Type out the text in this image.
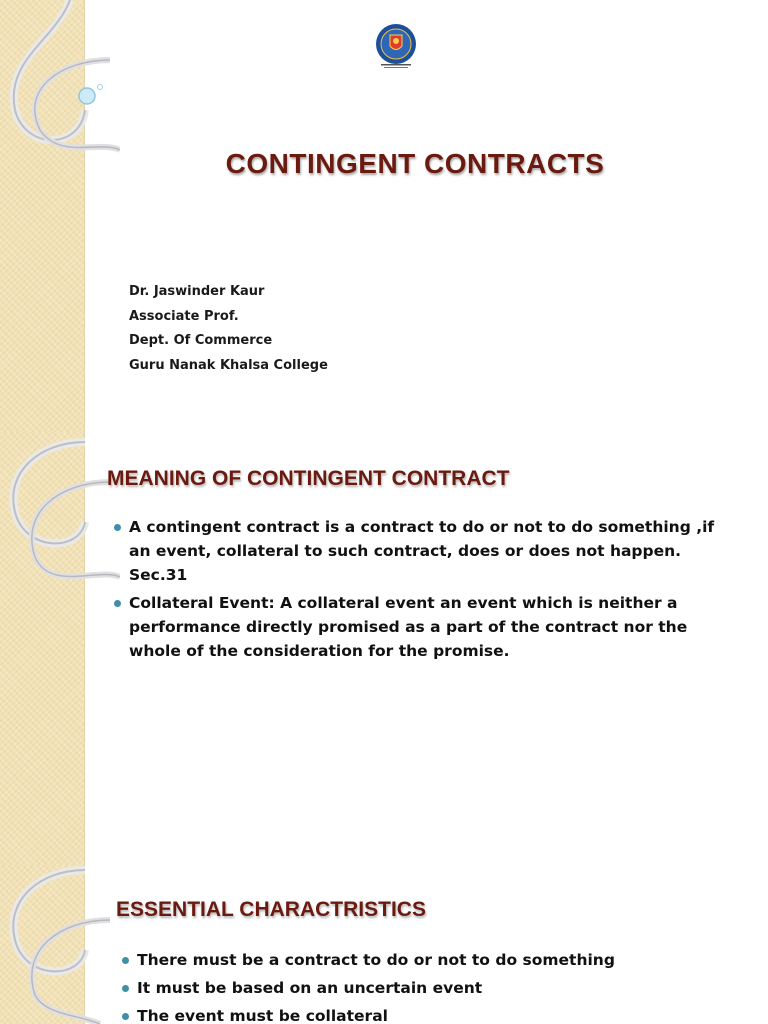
CONTINGENT CONTRACTS
Dr. Jaswinder Kaur
Associate Prof.
Dept. Of Commerce
Guru Nanak Khalsa College
MEANING OF CONTINGENT CONTRACT
A contingent contract is a contract to do or not to do something ,if an event, collateral to such contract, does or does not happen. Sec.31
Collateral Event: A collateral event an event which is neither a performance directly promised as a part of the contract nor the whole of the consideration for the promise.
ESSENTIAL CHARACTRISTICS
There must be a contract to do or not to do something
It must be based on an uncertain event
The event must be collateral
